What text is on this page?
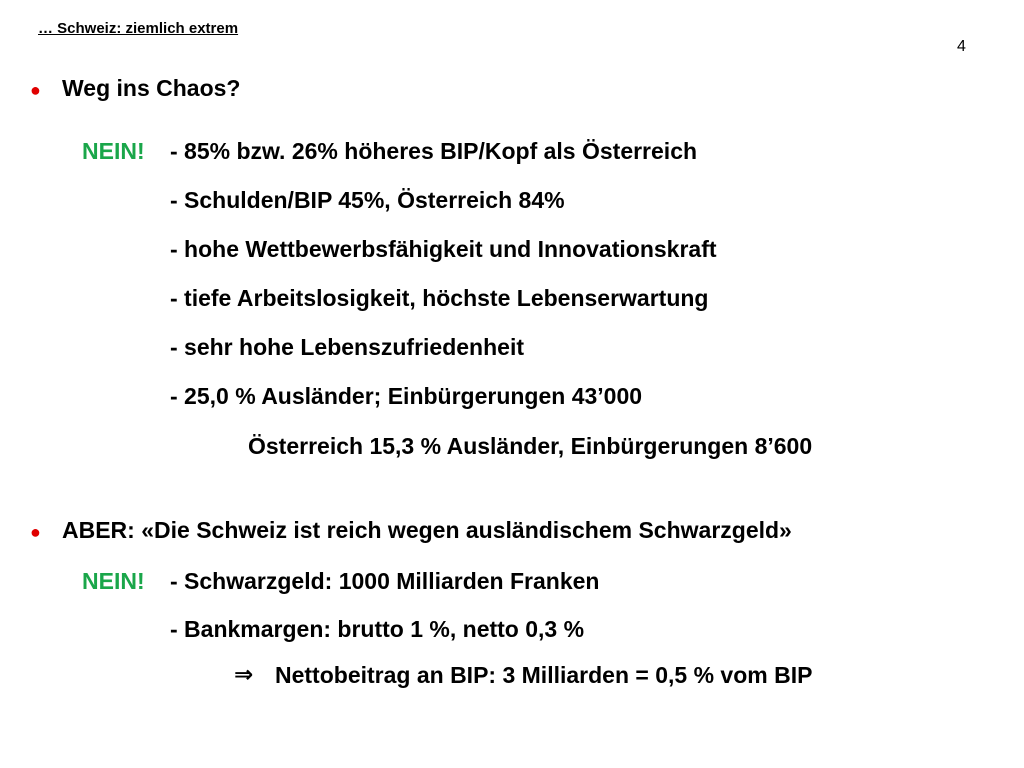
… Schweiz: ziemlich extrem
4
● Weg ins Chaos?
NEIN! - 85% bzw. 26% höheres BIP/Kopf als Österreich
- Schulden/BIP 45%, Österreich 84%
- hohe Wettbewerbsfähigkeit und Innovationskraft
- tiefe Arbeitslosigkeit, höchste Lebenserwartung
- sehr hohe Lebenszufriedenheit
- 25,0 % Ausländer; Einbürgerungen 43’000
Österreich 15,3 % Ausländer, Einbürgerungen 8’600
● ABER: «Die Schweiz ist reich wegen ausländischem Schwarzgeld»
NEIN! - Schwarzgeld: 1000 Milliarden Franken
- Bankmargen: brutto 1 %, netto 0,3 %
⇒ Nettobeitrag an BIP: 3 Milliarden = 0,5 % vom BIP
